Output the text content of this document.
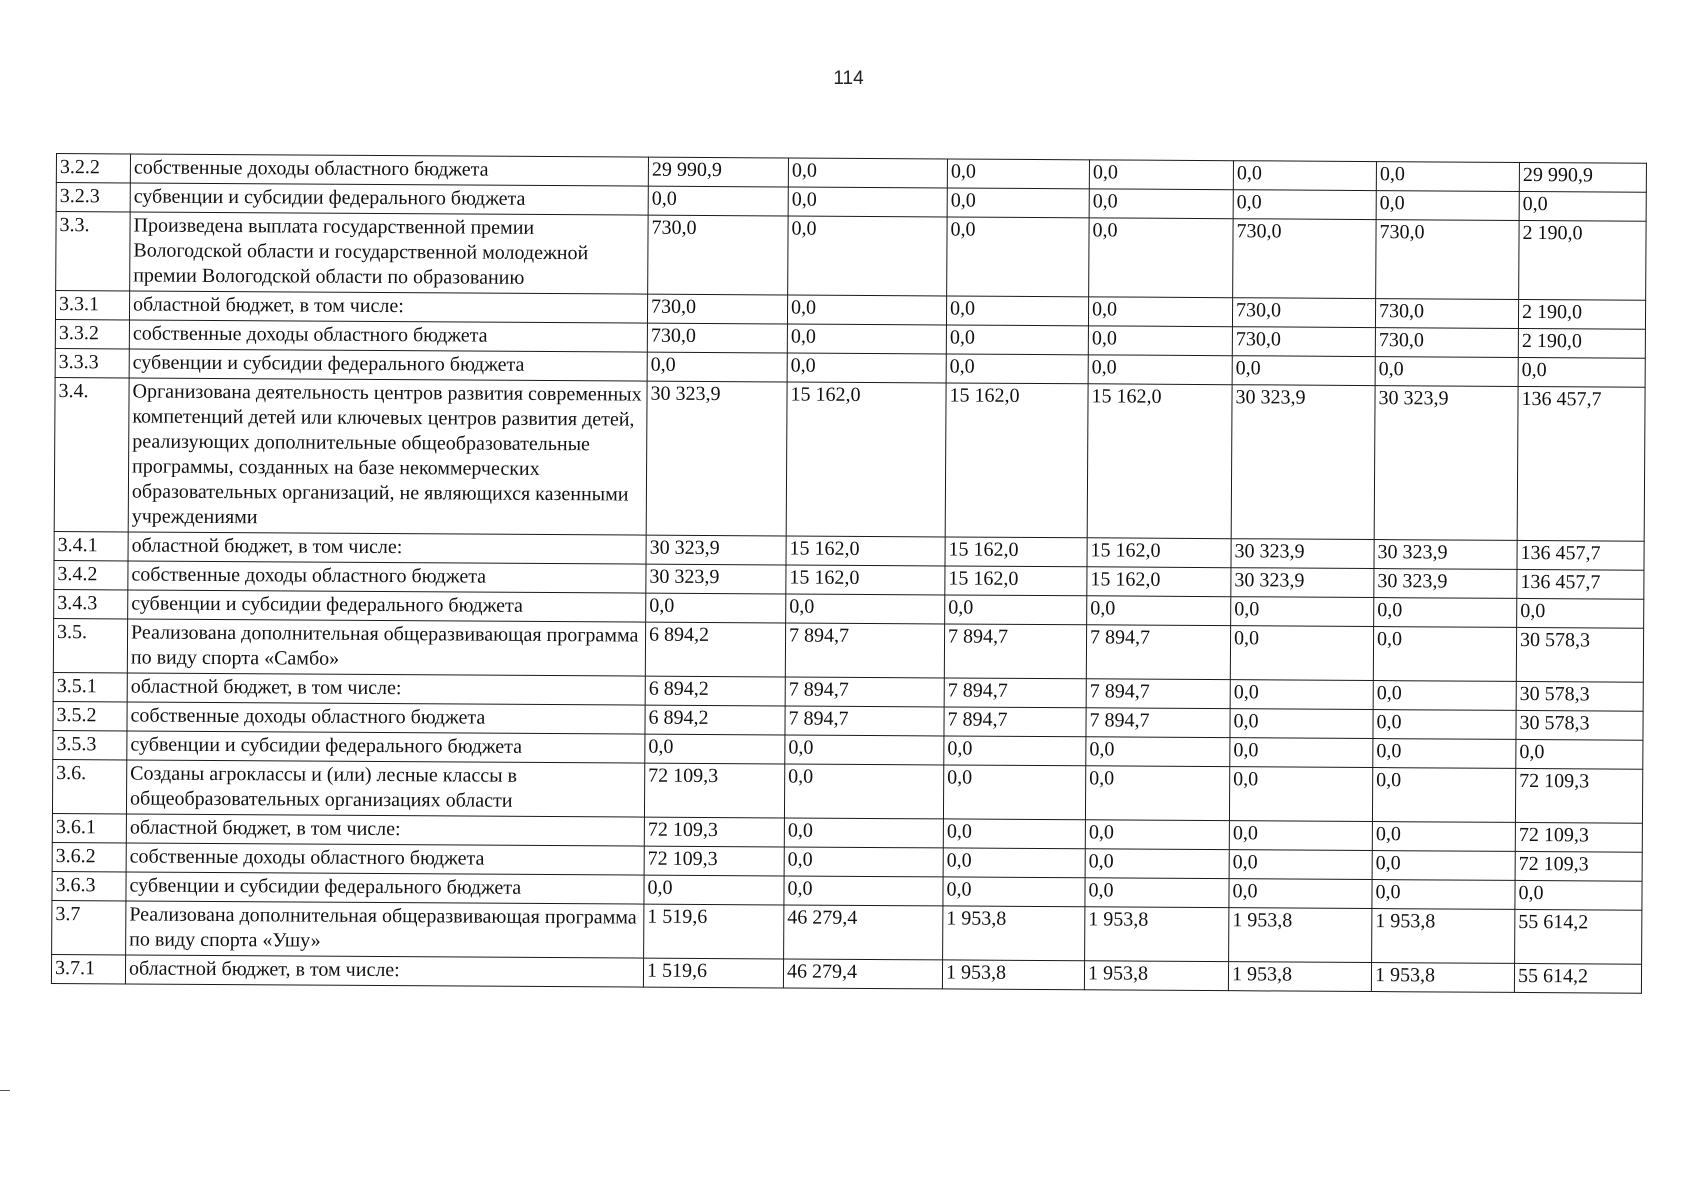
114
3.2.2	собственные доходы областного бюджета	29 990,9	0,0	0,0	0,0	0,0	0,0	29 990,9
3.2.3	субвенции и субсидии федерального бюджета	0,0	0,0	0,0	0,0	0,0	0,0	0,0
3.3.	Произведена выплата государственной премии Вологодской области и государственной молодежной премии Вологодской области по образованию	730,0	0,0	0,0	0,0	730,0	730,0	2 190,0
3.3.1	областной бюджет, в том числе:	730,0	0,0	0,0	0,0	730,0	730,0	2 190,0
3.3.2	собственные доходы областного бюджета	730,0	0,0	0,0	0,0	730,0	730,0	2 190,0
3.3.3	субвенции и субсидии федерального бюджета	0,0	0,0	0,0	0,0	0,0	0,0	0,0
3.4.	Организована деятельность центров развития современных компетенций детей или ключевых центров развития детей, реализующих дополнительные общеобразовательные программы, созданных на базе некоммерческих образовательных организаций, не являющихся казенными учреждениями	30 323,9	15 162,0	15 162,0	15 162,0	30 323,9	30 323,9	136 457,7
3.4.1	областной бюджет, в том числе:	30 323,9	15 162,0	15 162,0	15 162,0	30 323,9	30 323,9	136 457,7
3.4.2	собственные доходы областного бюджета	30 323,9	15 162,0	15 162,0	15 162,0	30 323,9	30 323,9	136 457,7
3.4.3	субвенции и субсидии федерального бюджета	0,0	0,0	0,0	0,0	0,0	0,0	0,0
3.5.	Реализована дополнительная общеразвивающая программа по виду спорта «Самбо»	6 894,2	7 894,7	7 894,7	7 894,7	0,0	0,0	30 578,3
3.5.1	областной бюджет, в том числе:	6 894,2	7 894,7	7 894,7	7 894,7	0,0	0,0	30 578,3
3.5.2	собственные доходы областного бюджета	6 894,2	7 894,7	7 894,7	7 894,7	0,0	0,0	30 578,3
3.5.3	субвенции и субсидии федерального бюджета	0,0	0,0	0,0	0,0	0,0	0,0	0,0
3.6.	Созданы агроклассы и (или) лесные классы в общеобразовательных организациях области	72 109,3	0,0	0,0	0,0	0,0	0,0	72 109,3
3.6.1	областной бюджет, в том числе:	72 109,3	0,0	0,0	0,0	0,0	0,0	72 109,3
3.6.2	собственные доходы областного бюджета	72 109,3	0,0	0,0	0,0	0,0	0,0	72 109,3
3.6.3	субвенции и субсидии федерального бюджета	0,0	0,0	0,0	0,0	0,0	0,0	0,0
3.7	Реализована дополнительная общеразвивающая программа по виду спорта «Ушу»	1 519,6	46 279,4	1 953,8	1 953,8	1 953,8	1 953,8	55 614,2
3.7.1	областной бюджет, в том числе:	1 519,6	46 279,4	1 953,8	1 953,8	1 953,8	1 953,8	55 614,2
